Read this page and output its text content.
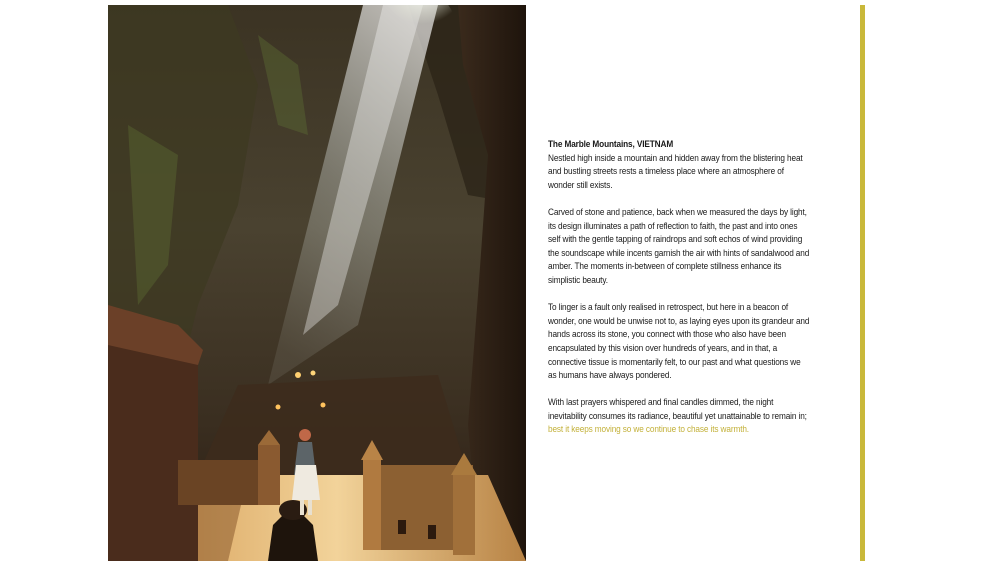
The Marble Mountains, VIETNAM
Nestled high inside a mountain and hidden away from the blistering heat and bustling streets rests a timeless place where an atmosphere of wonder still exists.

Carved of stone and patience, back when we measured the days by light, its design illuminates a path of reflection to faith, the past and into ones self with the gentle tapping of raindrops and soft echos of wind providing the soundscape while incents garnish the air with hints of sandalwood and amber. The moments in-between of complete stillness enhance its simplistic beauty.

To linger is a fault only realised in retrospect, but here in a beacon of wonder, one would be unwise not to, as laying eyes upon its grandeur and hands across its stone, you connect with those who also have been encapsulated by this vision over hundreds of years, and in that, a connective tissue is momentarily felt, to our past and what questions we as humans have always pondered.

With last prayers whispered and final candles dimmed, the night inevitability consumes its radiance, beautiful yet unattainable to remain in; best it keeps moving so we continue to chase its warmth.
